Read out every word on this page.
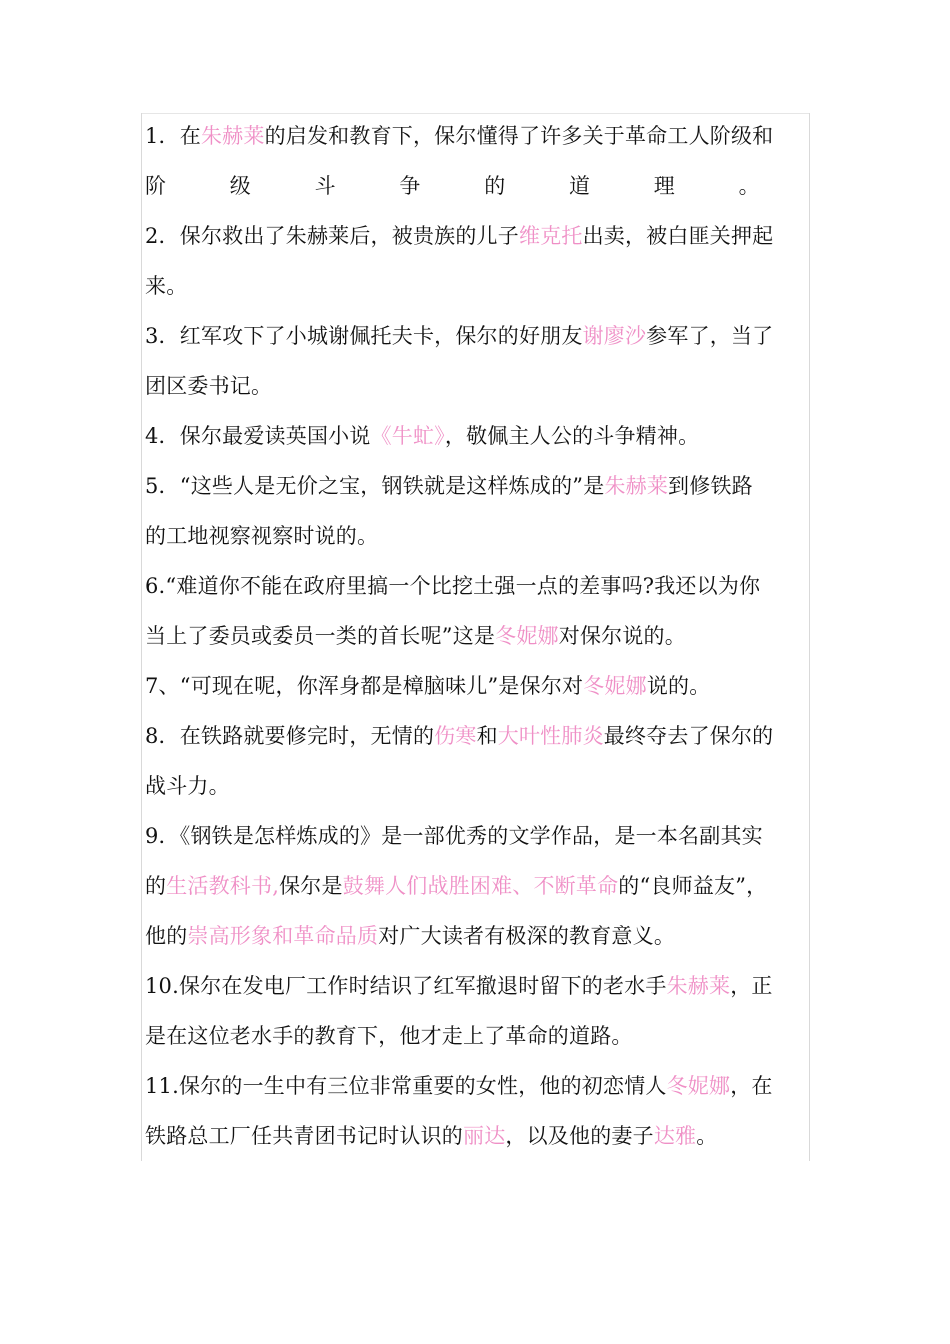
1．在朱赫莱的启发和教育下，保尔懂得了许多关于革命工人阶级和
阶　　　级　　　斗　　　争　　　的　　　道　　　理　　　。
2．保尔救出了朱赫莱后，被贵族的儿子维克托出卖，被白匪关押起
来。
3．红军攻下了小城谢佩托夫卡，保尔的好朋友谢廖沙参军了，当了
团区委书记。
4．保尔最爱读英国小说《牛虻》，敬佩主人公的斗争精神。
5．“这些人是无价之宝，钢铁就是这样炼成的”是朱赫莱到修铁路
的工地视察视察时说的。
6.“难道你不能在政府里搞一个比挖土强一点的差事吗?我还以为你
当上了委员或委员一类的首长呢”这是冬妮娜对保尔说的。
7、“可现在呢，你浑身都是樟脑味儿”是保尔对冬妮娜说的。
8．在铁路就要修完时，无情的伤寒和大叶性肺炎最终夺去了保尔的
战斗力。
9．《钢铁是怎样炼成的》是一部优秀的文学作品，是一本名副其实
的生活教科书,保尔是鼓舞人们战胜困难、不断革命的“良师益友”，
他的崇高形象和革命品质对广大读者有极深的教育意义。
10.保尔在发电厂工作时结识了红军撤退时留下的老水手朱赫莱，正
是在这位老水手的教育下，他才走上了革命的道路。
11.保尔的一生中有三位非常重要的女性，他的初恋情人冬妮娜，在
铁路总工厂任共青团书记时认识的丽达，以及他的妻子达雅。
